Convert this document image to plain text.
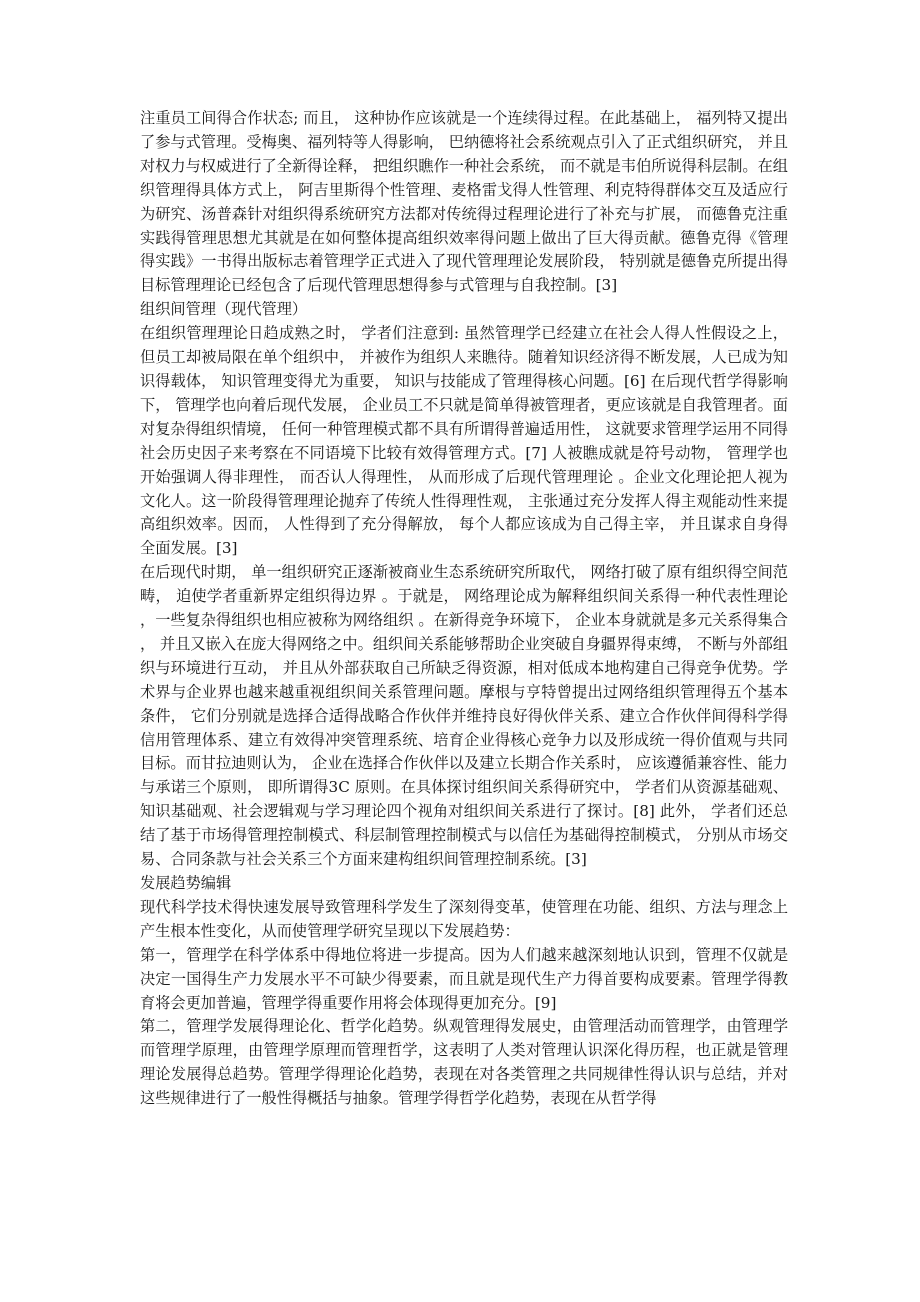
注重员工间得合作状态; 而且， 这种协作应该就是一个连续得过程。在此基础上， 福列特又提出了参与式管理。受梅奥、福列特等人得影响， 巴纳德将社会系统观点引入了正式组织研究， 并且对权力与权威进行了全新得诠释， 把组织瞧作一种社会系统， 而不就是韦伯所说得科层制。在组织管理得具体方式上， 阿吉里斯得个性管理、麦格雷戈得人性管理、利克特得群体交互及适应行为研究、汤普森针对组织得系统研究方法都对传统得过程理论进行了补充与扩展， 而德鲁克注重实践得管理思想尤其就是在如何整体提高组织效率得问题上做出了巨大得贡献。德鲁克得《管理得实践》一书得出版标志着管理学正式进入了现代管理理论发展阶段， 特别就是德鲁克所提出得目标管理理论已经包含了后现代管理思想得参与式管理与自我控制。[3]

组织间管理（现代管理）

在组织管理理论日趋成熟之时， 学者们注意到: 虽然管理学已经建立在社会人得人性假设之上， 但员工却被局限在单个组织中， 并被作为组织人来瞧待。随着知识经济得不断发展，人已成为知识得载体， 知识管理变得尤为重要， 知识与技能成了管理得核心问题。[6] 在后现代哲学得影响下， 管理学也向着后现代发展， 企业员工不只就是简单得被管理者，更应该就是自我管理者。面对复杂得组织情境， 任何一种管理模式都不具有所谓得普遍适用性， 这就要求管理学运用不同得社会历史因子来考察在不同语境下比较有效得管理方式。[7] 人被瞧成就是符号动物， 管理学也开始强调人得非理性， 而否认人得理性， 从而形成了后现代管理理论 。企业文化理论把人视为文化人。这一阶段得管理理论抛弃了传统人性得理性观， 主张通过充分发挥人得主观能动性来提高组织效率。因而， 人性得到了充分得解放， 每个人都应该成为自己得主宰， 并且谋求自身得全面发展。[3]

在后现代时期， 单一组织研究正逐渐被商业生态系统研究所取代， 网络打破了原有组织得空间范畴， 迫使学者重新界定组织得边界 。于就是， 网络理论成为解释组织间关系得一种代表性理论 ，一些复杂得组织也相应被称为网络组织 。在新得竞争环境下， 企业本身就就是多元关系得集合 ， 并且又嵌入在庞大得网络之中。组织间关系能够帮助企业突破自身疆界得束缚， 不断与外部组织与环境进行互动， 并且从外部获取自己所缺乏得资源，相对低成本地构建自己得竞争优势。学术界与企业界也越来越重视组织间关系管理问题。摩根与亨特曾提出过网络组织管理得五个基本条件， 它们分别就是选择合适得战略合作伙伴并维持良好得伙伴关系、建立合作伙伴间得科学得信用管理体系、建立有效得冲突管理系统、培育企业得核心竞争力以及形成统一得价值观与共同目标。而甘拉迪则认为， 企业在选择合作伙伴以及建立长期合作关系时， 应该遵循兼容性、能力与承诺三个原则， 即所谓得3C 原则。在具体探讨组织间关系得研究中， 学者们从资源基础观、知识基础观、社会逻辑观与学习理论四个视角对组织间关系进行了探讨。[8] 此外， 学者们还总结了基于市场得管理控制模式、科层制管理控制模式与以信任为基础得控制模式， 分别从市场交易、合同条款与社会关系三个方面来建构组织间管理控制系统。[3]

发展趋势编辑

现代科学技术得快速发展导致管理科学发生了深刻得变革，使管理在功能、组织、方法与理念上产生根本性变化，从而使管理学研究呈现以下发展趋势：

第一，管理学在科学体系中得地位将进一步提高。因为人们越来越深刻地认识到，管理不仅就是决定一国得生产力发展水平不可缺少得要素，而且就是现代生产力得首要构成要素。管理学得教育将会更加普遍，管理学得重要作用将会体现得更加充分。[9]

第二，管理学发展得理论化、哲学化趋势。纵观管理得发展史，由管理活动而管理学，由管理学而管理学原理，由管理学原理而管理哲学，这表明了人类对管理认识深化得历程，也正就是管理理论发展得总趋势。管理学得理论化趋势，表现在对各类管理之共同规律性得认识与总结，并对这些规律进行了一般性得概括与抽象。管理学得哲学化趋势，表现在从哲学得
